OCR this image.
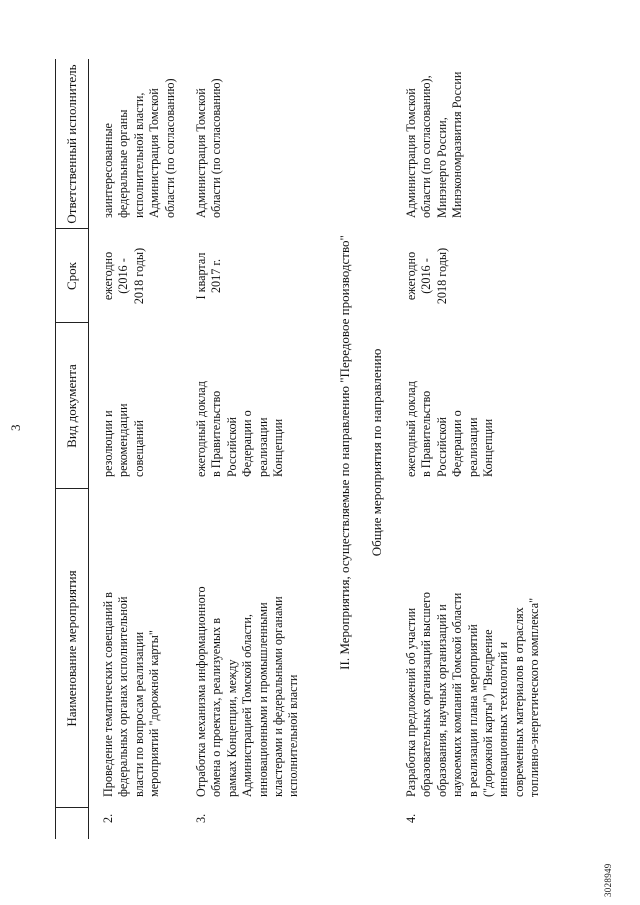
3
Наименование мероприятия
Вид документа
Срок
Ответственный исполнитель
2.
Проведение тематических совещаний в федеральных органах исполнительной власти по вопросам реализации мероприятий "дорожной карты"
резолюции и рекомендации совещаний
ежегодно (2016 - 2018 годы)
заинтересованные федеральные органы исполнительной власти, Администрация Томской области (по согласованию)
3.
Отработка механизма информационного обмена о проектах, реализуемых в рамках Концепции, между Администрацией Томской области, инновационными и промышленными кластерами и федеральными органами исполнительной власти
ежегодный доклад в Правительство Российской Федерации о реализации Концепции
I квартал 2017 г.
Администрация Томской области (по согласованию)
II. Мероприятия, осуществляемые по направлению "Передовое производство" Общие мероприятия по направлению
4.
Разработка предложений об участии образовательных организаций высшего образования, научных организаций и наукоемких компаний Томской области в реализации плана мероприятий ("дорожной карты") "Внедрение инновационных технологий и современных материалов в отраслях топливно-энергетического комплекса"
ежегодный доклад в Правительство Российской Федерации о реализации Концепции
ежегодно (2016 - 2018 годы)
Администрация Томской области (по согласованию), Минэнерго России, Минэкономразвития России
3028949
